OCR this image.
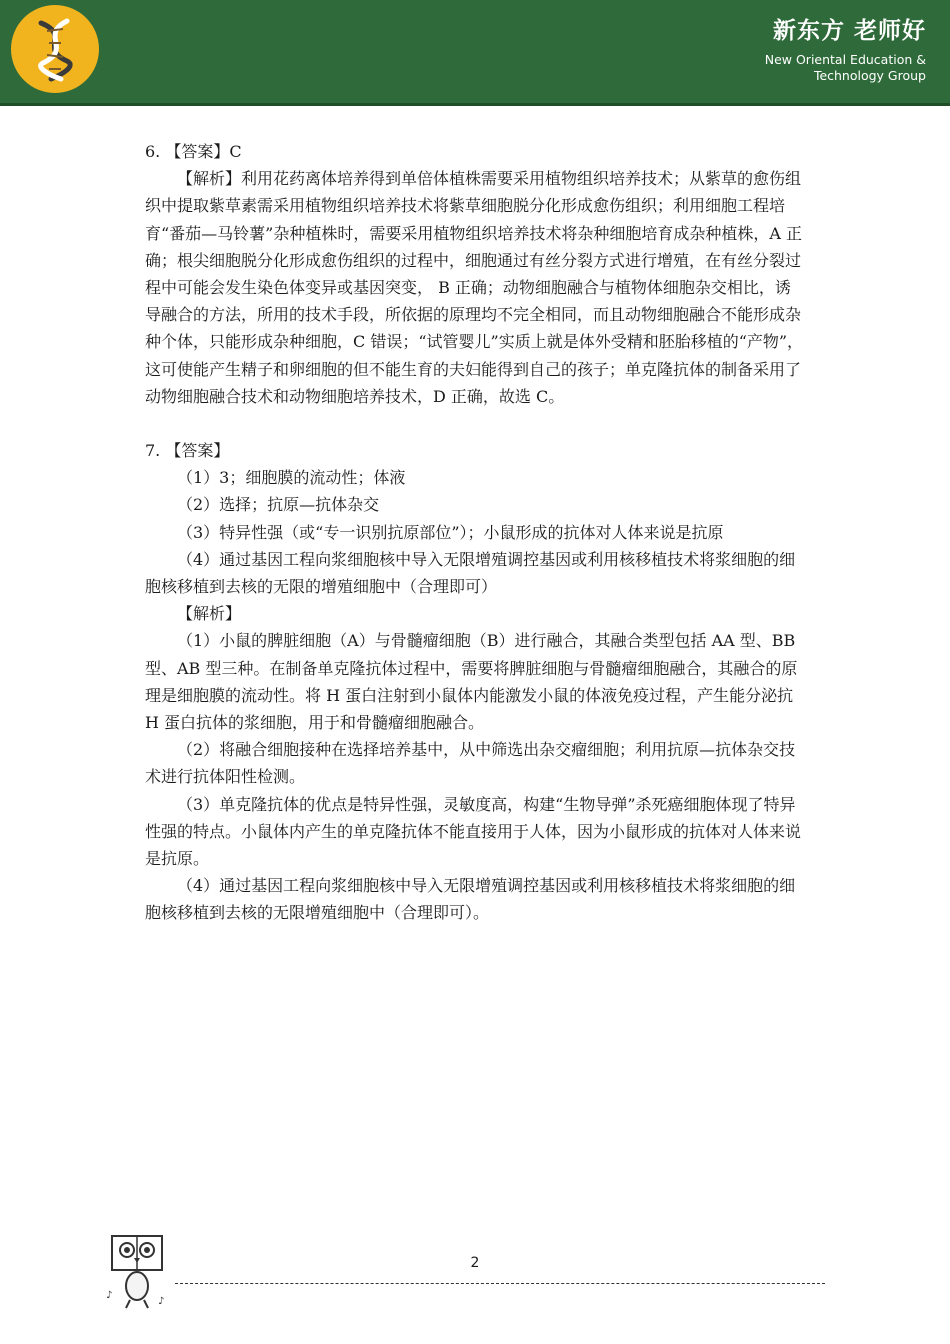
新东方 老师好
New Oriental Education &
Technology Group

6. 【答案】C

【解析】利用花药离体培养得到单倍体植株需要采用植物组织培养技术；从紫草的愈伤组织中提取紫草素需采用植物组织培养技术将紫草细胞脱分化形成愈伤组织；利用细胞工程培育“番茄—马铃薯”杂种植株时，需要采用植物组织培养技术将杂种细胞培育成杂种植株，A 正确；根尖细胞脱分化形成愈伤组织的过程中，细胞通过有丝分裂方式进行增殖，在有丝分裂过程中可能会发生染色体变异或基因突变， B 正确；动物细胞融合与植物体细胞杂交相比，诱导融合的方法，所用的技术手段，所依据的原理均不完全相同，而且动物细胞融合不能形成杂种个体，只能形成杂种细胞，C 错误；“试管婴儿”实质上就是体外受精和胚胎移植的“产物”，这可使能产生精子和卵细胞的但不能生育的夫妇能得到自己的孩子；单克隆抗体的制备采用了动物细胞融合技术和动物细胞培养技术，D 正确，故选 C。

7. 【答案】

（1）3；细胞膜的流动性；体液

（2）选择；抗原—抗体杂交

（3）特异性强（或“专一识别抗原部位”）；小鼠形成的抗体对人体来说是抗原

（4）通过基因工程向浆细胞核中导入无限增殖调控基因或利用核移植技术将浆细胞的细胞核移植到去核的无限的增殖细胞中（合理即可）

【解析】

（1）小鼠的脾脏细胞（A）与骨髓瘤细胞（B）进行融合，其融合类型包括 AA 型、BB 型、AB 型三种。在制备单克隆抗体过程中，需要将脾脏细胞与骨髓瘤细胞融合，其融合的原理是细胞膜的流动性。将 H 蛋白注射到小鼠体内能激发小鼠的体液免疫过程，产生能分泌抗 H 蛋白抗体的浆细胞，用于和骨髓瘤细胞融合。

（2）将融合细胞接种在选择培养基中，从中筛选出杂交瘤细胞；利用抗原—抗体杂交技术进行抗体阳性检测。

（3）单克隆抗体的优点是特异性强，灵敏度高，构建“生物导弹”杀死癌细胞体现了特异性强的特点。小鼠体内产生的单克隆抗体不能直接用于人体，因为小鼠形成的抗体对人体来说是抗原。

（4）通过基因工程向浆细胞核中导入无限增殖调控基因或利用核移植技术将浆细胞的细胞核移植到去核的无限增殖细胞中（合理即可）。

♪
♪
2
